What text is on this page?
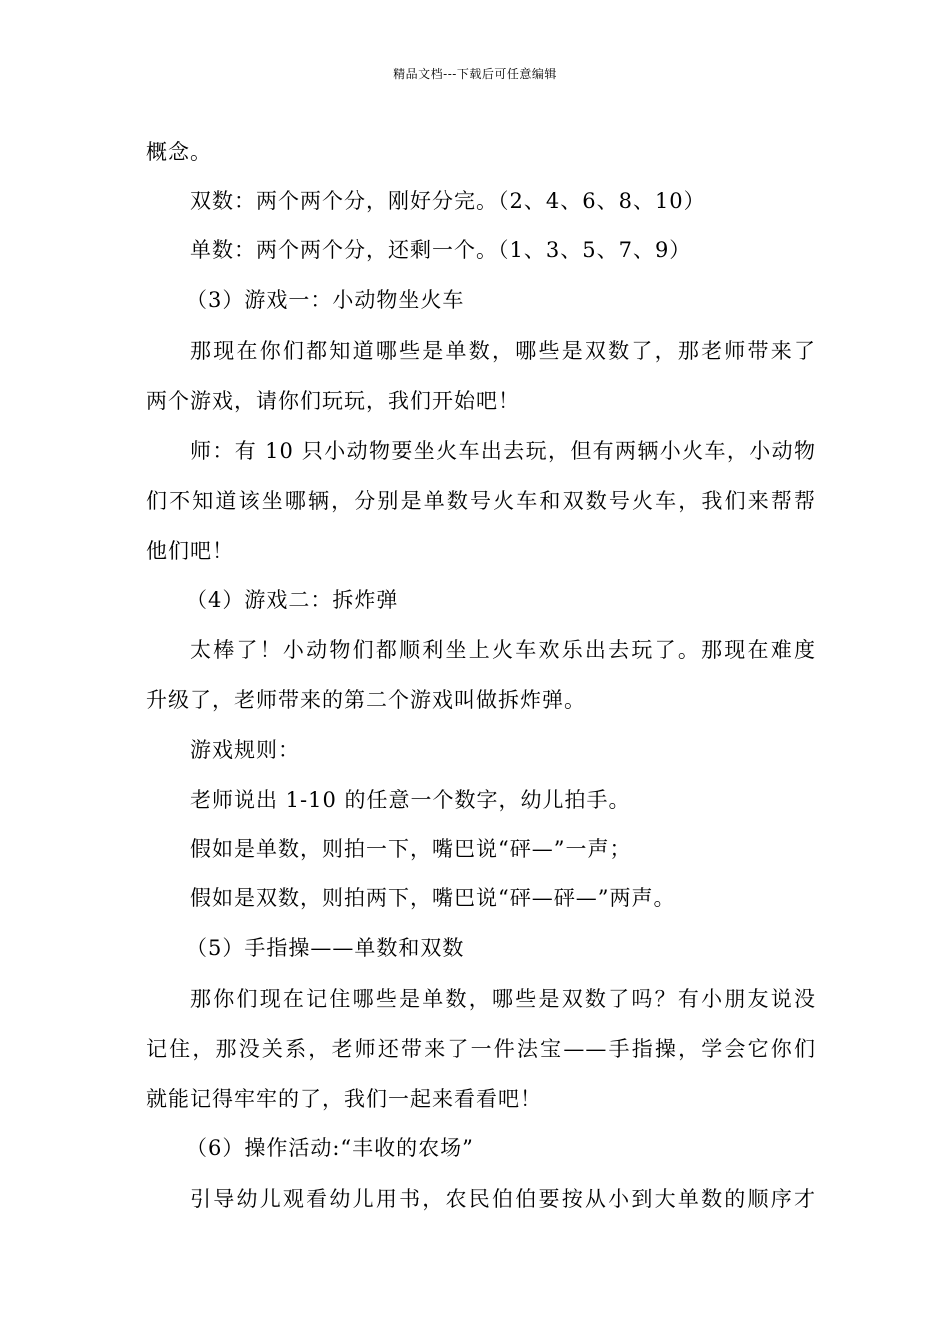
精品文档---下载后可任意编辑
概念。
双数：两个两个分，刚好分完。（2、4、6、8、10）
单数：两个两个分，还剩一个。（1、3、5、7、9）
（3）游戏一：小动物坐火车
那现在你们都知道哪些是单数，哪些是双数了，那老师带来了
两个游戏，请你们玩玩，我们开始吧！
师：有 10 只小动物要坐火车出去玩，但有两辆小火车，小动物
们不知道该坐哪辆，分别是单数号火车和双数号火车，我们来帮帮
他们吧！
（4）游戏二：拆炸弹
太棒了！小动物们都顺利坐上火车欢乐出去玩了。那现在难度
升级了，老师带来的第二个游戏叫做拆炸弹。
游戏规则：
老师说出 1-10 的任意一个数字，幼儿拍手。
假如是单数，则拍一下，嘴巴说“砰—”一声；
假如是双数，则拍两下，嘴巴说“砰—砰—”两声。
（5）手指操——单数和双数
那你们现在记住哪些是单数，哪些是双数了吗？有小朋友说没
记住，那没关系，老师还带来了一件法宝——手指操，学会它你们
就能记得牢牢的了，我们一起来看看吧！
（6）操作活动:“丰收的农场”
引导幼儿观看幼儿用书，农民伯伯要按从小到大单数的顺序才
